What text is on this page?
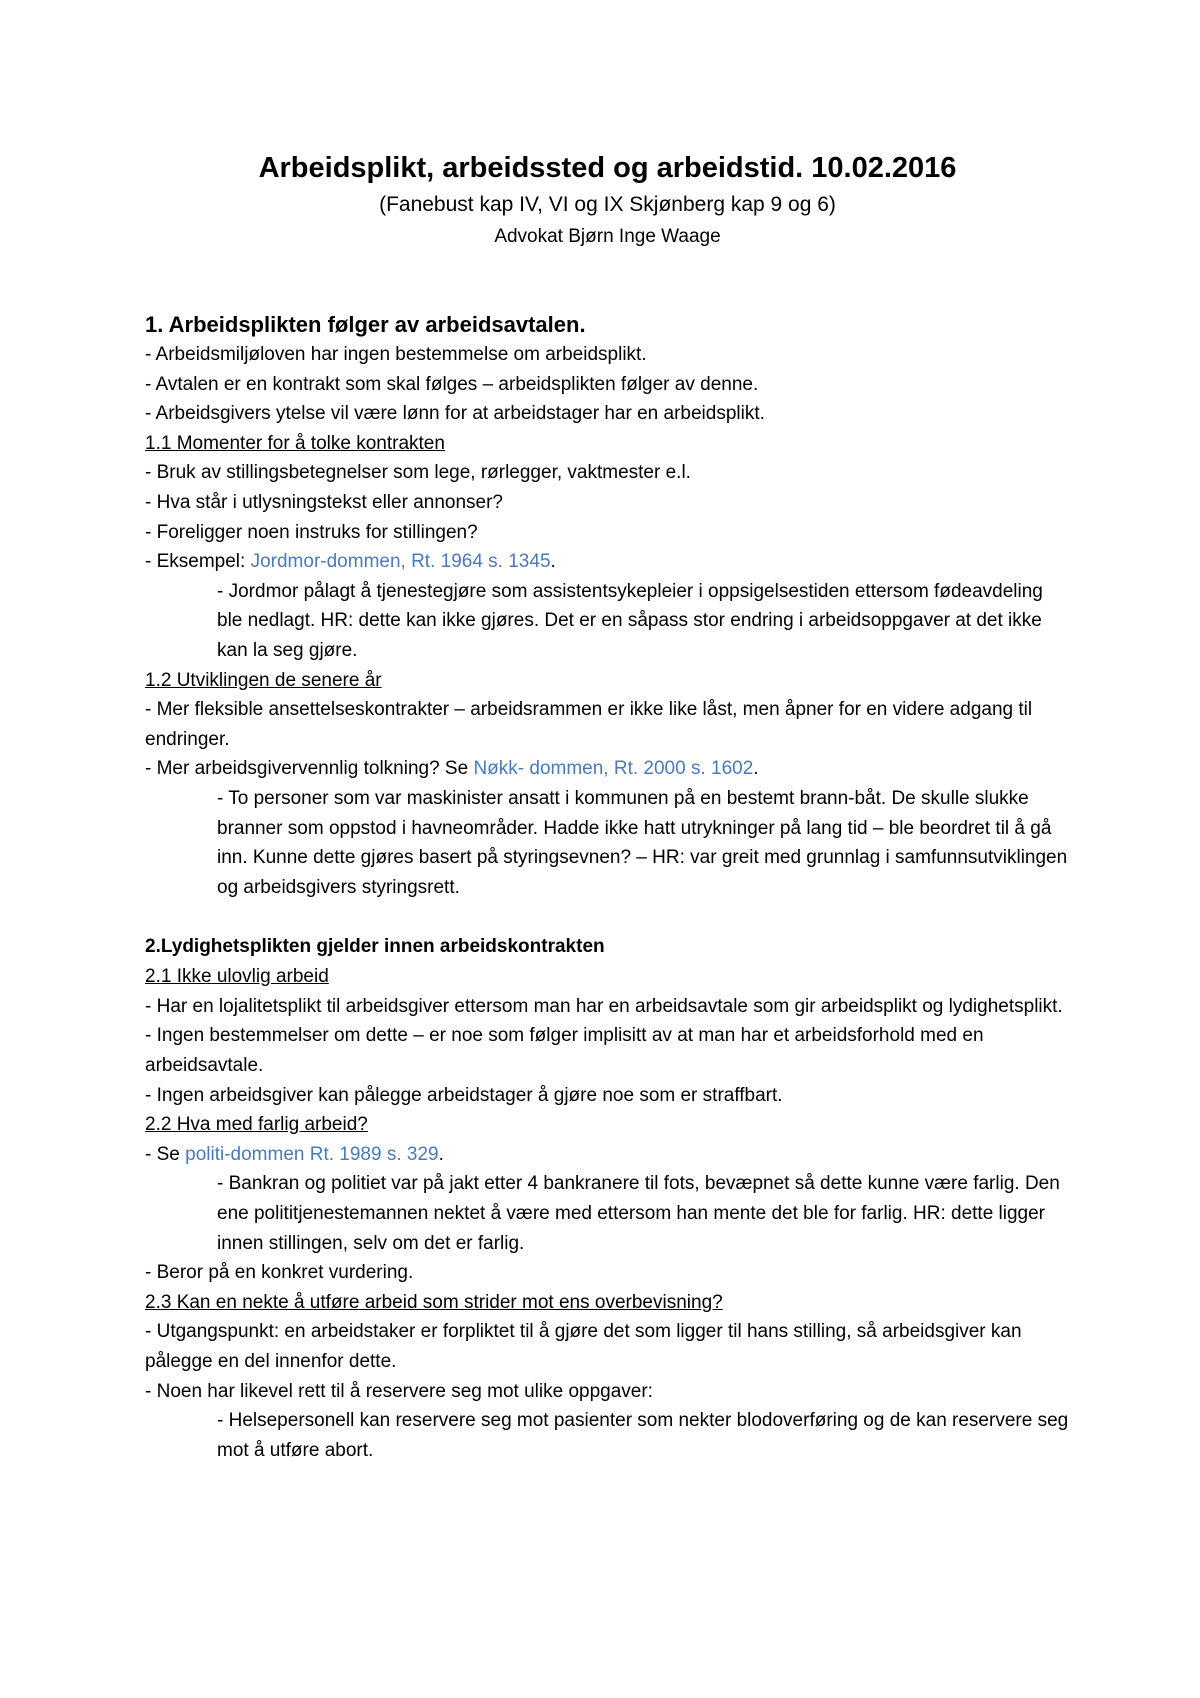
Arbeidsplikt, arbeidssted og arbeidstid. 10.02.2016

(Fanebust kap IV, VI og IX Skjønberg kap 9 og 6)

Advokat Bjørn Inge Waage

1. Arbeidsplikten følger av arbeidsavtalen.
- Arbeidsmiljøloven har ingen bestemmelse om arbeidsplikt.
- Avtalen er en kontrakt som skal følges – arbeidsplikten følger av denne.
- Arbeidsgivers ytelse vil være lønn for at arbeidstager har en arbeidsplikt.
1.1 Momenter for å tolke kontrakten
- Bruk av stillingsbetegnelser som lege, rørlegger, vaktmester e.l.
- Hva står i utlysningstekst eller annonser?
- Foreligger noen instruks for stillingen?
- Eksempel: Jordmor-dommen, Rt. 1964 s. 1345.
- Jordmor pålagt å tjenestegjøre som assistentsykepleier i oppsigelsestiden ettersom fødeavdeling ble nedlagt. HR: dette kan ikke gjøres. Det er en såpass stor endring i arbeidsoppgaver at det ikke kan la seg gjøre.
1.2 Utviklingen de senere år
- Mer fleksible ansettelseskontrakter – arbeidsrammen er ikke like låst, men åpner for en videre adgang til endringer.
- Mer arbeidsgivervennlig tolkning? Se Nøkk- dommen, Rt. 2000 s. 1602.
- To personer som var maskinister ansatt i kommunen på en bestemt brann-båt. De skulle slukke branner som oppstod i havneområder. Hadde ikke hatt utrykninger på lang tid – ble beordret til å gå inn. Kunne dette gjøres basert på styringsevnen? – HR: var greit med grunnlag i samfunnsutviklingen og arbeidsgivers styringsrett.
2.Lydighetsplikten gjelder innen arbeidskontrakten
2.1 Ikke ulovlig arbeid
- Har en lojalitetsplikt til arbeidsgiver ettersom man har en arbeidsavtale som gir arbeidsplikt og lydighetsplikt.
- Ingen bestemmelser om dette – er noe som følger implisitt av at man har et arbeidsforhold med en arbeidsavtale.
- Ingen arbeidsgiver kan pålegge arbeidstager å gjøre noe som er straffbart.
2.2 Hva med farlig arbeid?
- Se politi-dommen Rt. 1989 s. 329.
- Bankran og politiet var på jakt etter 4 bankranere til fots, bevæpnet så dette kunne være farlig. Den ene polititjenestemannen nektet å være med ettersom han mente det ble for farlig. HR: dette ligger innen stillingen, selv om det er farlig.
- Beror på en konkret vurdering.
2.3 Kan en nekte å utføre arbeid som strider mot ens overbevisning?
- Utgangspunkt: en arbeidstaker er forpliktet til å gjøre det som ligger til hans stilling, så arbeidsgiver kan pålegge en del innenfor dette.
- Noen har likevel rett til å reservere seg mot ulike oppgaver:
- Helsepersonell kan reservere seg mot pasienter som nekter blodoverføring og de kan reservere seg mot å utføre abort.
